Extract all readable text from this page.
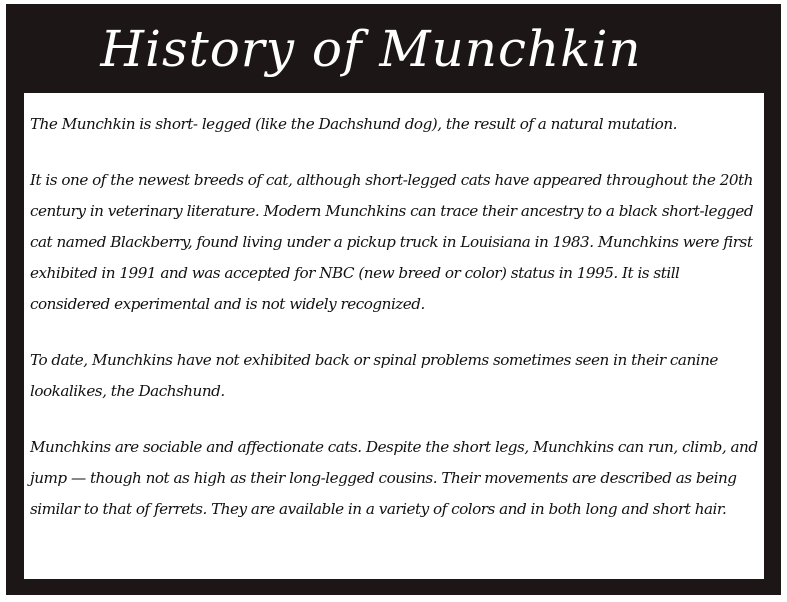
History of Munchkin

The Munchkin is short- legged (like the Dachshund dog), the result of a natural mutation.

It is one of the newest breeds of cat, although short-legged cats have appeared throughout the 20th century in veterinary literature. Modern Munchkins can trace their ancestry to a black short-legged cat named Blackberry, found living under a pickup truck in Louisiana in 1983. Munchkins were first exhibited in 1991 and was accepted for NBC (new breed or color) status in 1995. It is still considered experimental and is not widely recognized.

To date, Munchkins have not exhibited back or spinal problems sometimes seen in their canine lookalikes, the Dachshund.

Munchkins are sociable and affectionate cats. Despite the short legs, Munchkins can run, climb, and jump — though not as high as their long-legged cousins. Their movements are described as being similar to that of ferrets. They are available in a variety of colors and in both long and short hair.
